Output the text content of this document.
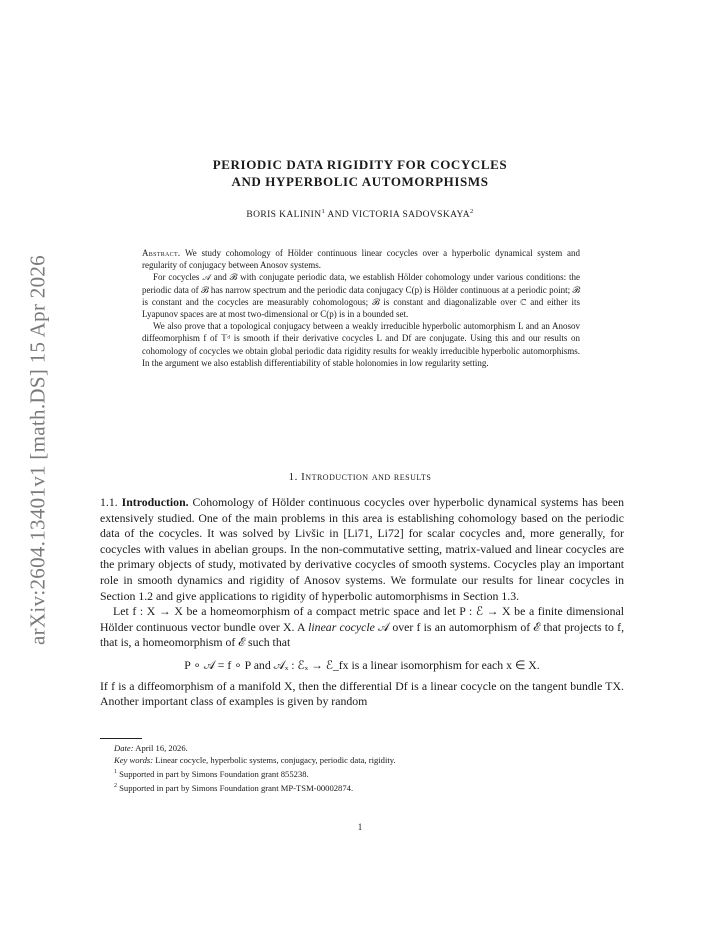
arXiv:2604.13401v1 [math.DS] 15 Apr 2026
PERIODIC DATA RIGIDITY FOR COCYCLES
AND HYPERBOLIC AUTOMORPHISMS
BORIS KALININ$^1$ AND VICTORIA SADOVSKAYA$^2$

Abstract. We study cohomology of Hölder continuous linear cocycles over a hyperbolic dynamical system and regularity of conjugacy between Anosov systems.

For cocycles 𝒜 and ℬ with conjugate periodic data, we establish Hölder cohomology under various conditions: the periodic data of ℬ has narrow spectrum and the periodic data conjugacy C(p) is Hölder continuous at a periodic point; ℬ is constant and the cocycles are measurably cohomologous; ℬ is constant and diagonalizable over ℂ and either its Lyapunov spaces are at most two-dimensional or C(p) is in a bounded set.

We also prove that a topological conjugacy between a weakly irreducible hyperbolic automorphism L and an Anosov diffeomorphism f of 𝕋ᵈ is smooth if their derivative cocycles L and Df are conjugate. Using this and our results on cohomology of cocycles we obtain global periodic data rigidity results for weakly irreducible hyperbolic automorphisms. In the argument we also establish differentiability of stable holonomies in low regularity setting.

1. Introduction and results

1.1. Introduction. Cohomology of Hölder continuous cocycles over hyperbolic dynamical systems has been extensively studied. One of the main problems in this area is establishing cohomology based on the periodic data of the cocycles. It was solved by Livšic in [Li71, Li72] for scalar cocycles and, more generally, for cocycles with values in abelian groups. In the non-commutative setting, matrix-valued and linear cocycles are the primary objects of study, motivated by derivative cocycles of smooth systems. Cocycles play an important role in smooth dynamics and rigidity of Anosov systems. We formulate our results for linear cocycles in Section 1.2 and give applications to rigidity of hyperbolic automorphisms in Section 1.3.

Let f : X → X be a homeomorphism of a compact metric space and let P : ℰ → X be a finite dimensional Hölder continuous vector bundle over X. A linear cocycle 𝒜 over f is an automorphism of ℰ that projects to f, that is, a homeomorphism of ℰ such that

P ∘ 𝒜 = f ∘ P and 𝒜ₓ : ℰₓ → ℰ_fx is a linear isomorphism for each x ∈ X.

If f is a diffeomorphism of a manifold X, then the differential Df is a linear cocycle on the tangent bundle TX. Another important class of examples is given by random

Date: April 16, 2026.
Key words: Linear cocycle, hyperbolic systems, conjugacy, periodic data, rigidity.
$^1$ Supported in part by Simons Foundation grant 855238.
$^2$ Supported in part by Simons Foundation grant MP-TSM-00002874.
1
